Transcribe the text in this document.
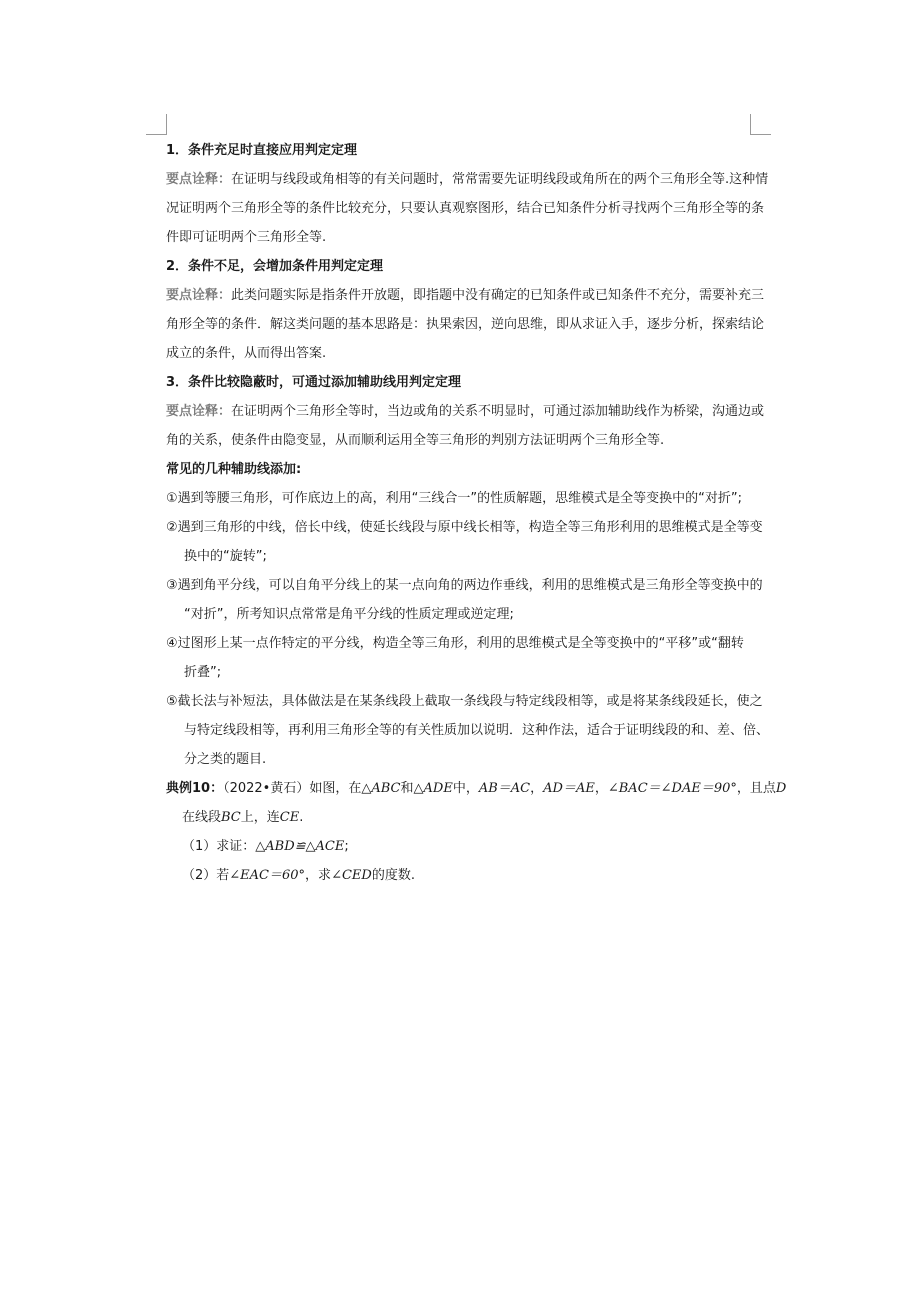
1．条件充足时直接应用判定定理
要点诠释：在证明与线段或角相等的有关问题时，常常需要先证明线段或角所在的两个三角形全等.这种情
况证明两个三角形全等的条件比较充分，只要认真观察图形，结合已知条件分析寻找两个三角形全等的条
件即可证明两个三角形全等.
2．条件不足，会增加条件用判定定理
要点诠释：此类问题实际是指条件开放题，即指题中没有确定的已知条件或已知条件不充分，需要补充三
角形全等的条件．解这类问题的基本思路是：执果索因，逆向思维，即从求证入手，逐步分析，探索结论
成立的条件，从而得出答案.
3．条件比较隐蔽时，可通过添加辅助线用判定定理
要点诠释：在证明两个三角形全等时，当边或角的关系不明显时，可通过添加辅助线作为桥梁，沟通边或
角的关系，使条件由隐变显，从而顺利运用全等三角形的判别方法证明两个三角形全等.
常见的几种辅助线添加:
①遇到等腰三角形，可作底边上的高，利用“三线合一”的性质解题，思维模式是全等变换中的“对折”;
②遇到三角形的中线，倍长中线，使延长线段与原中线长相等，构造全等三角形利用的思维模式是全等变
换中的“旋转”;
③遇到角平分线，可以自角平分线上的某一点向角的两边作垂线，利用的思维模式是三角形全等变换中的
“对折”，所考知识点常常是角平分线的性质定理或逆定理;
④过图形上某一点作特定的平分线，构造全等三角形，利用的思维模式是全等变换中的“平移”或“翻转
折叠”;
⑤截长法与补短法，具体做法是在某条线段上截取一条线段与特定线段相等，或是将某条线段延长，使之
与特定线段相等，再利用三角形全等的有关性质加以说明．这种作法，适合于证明线段的和、差、倍、
分之类的题目.
典例10：（2022•黄石）如图，在△ABC和△ADE中，AB＝AC，AD＝AE，∠BAC＝∠DAE＝90°，且点D
在线段BC上，连CE.
（1）求证：△ABD≌△ACE;
（2）若∠EAC＝60°，求∠CED的度数.
